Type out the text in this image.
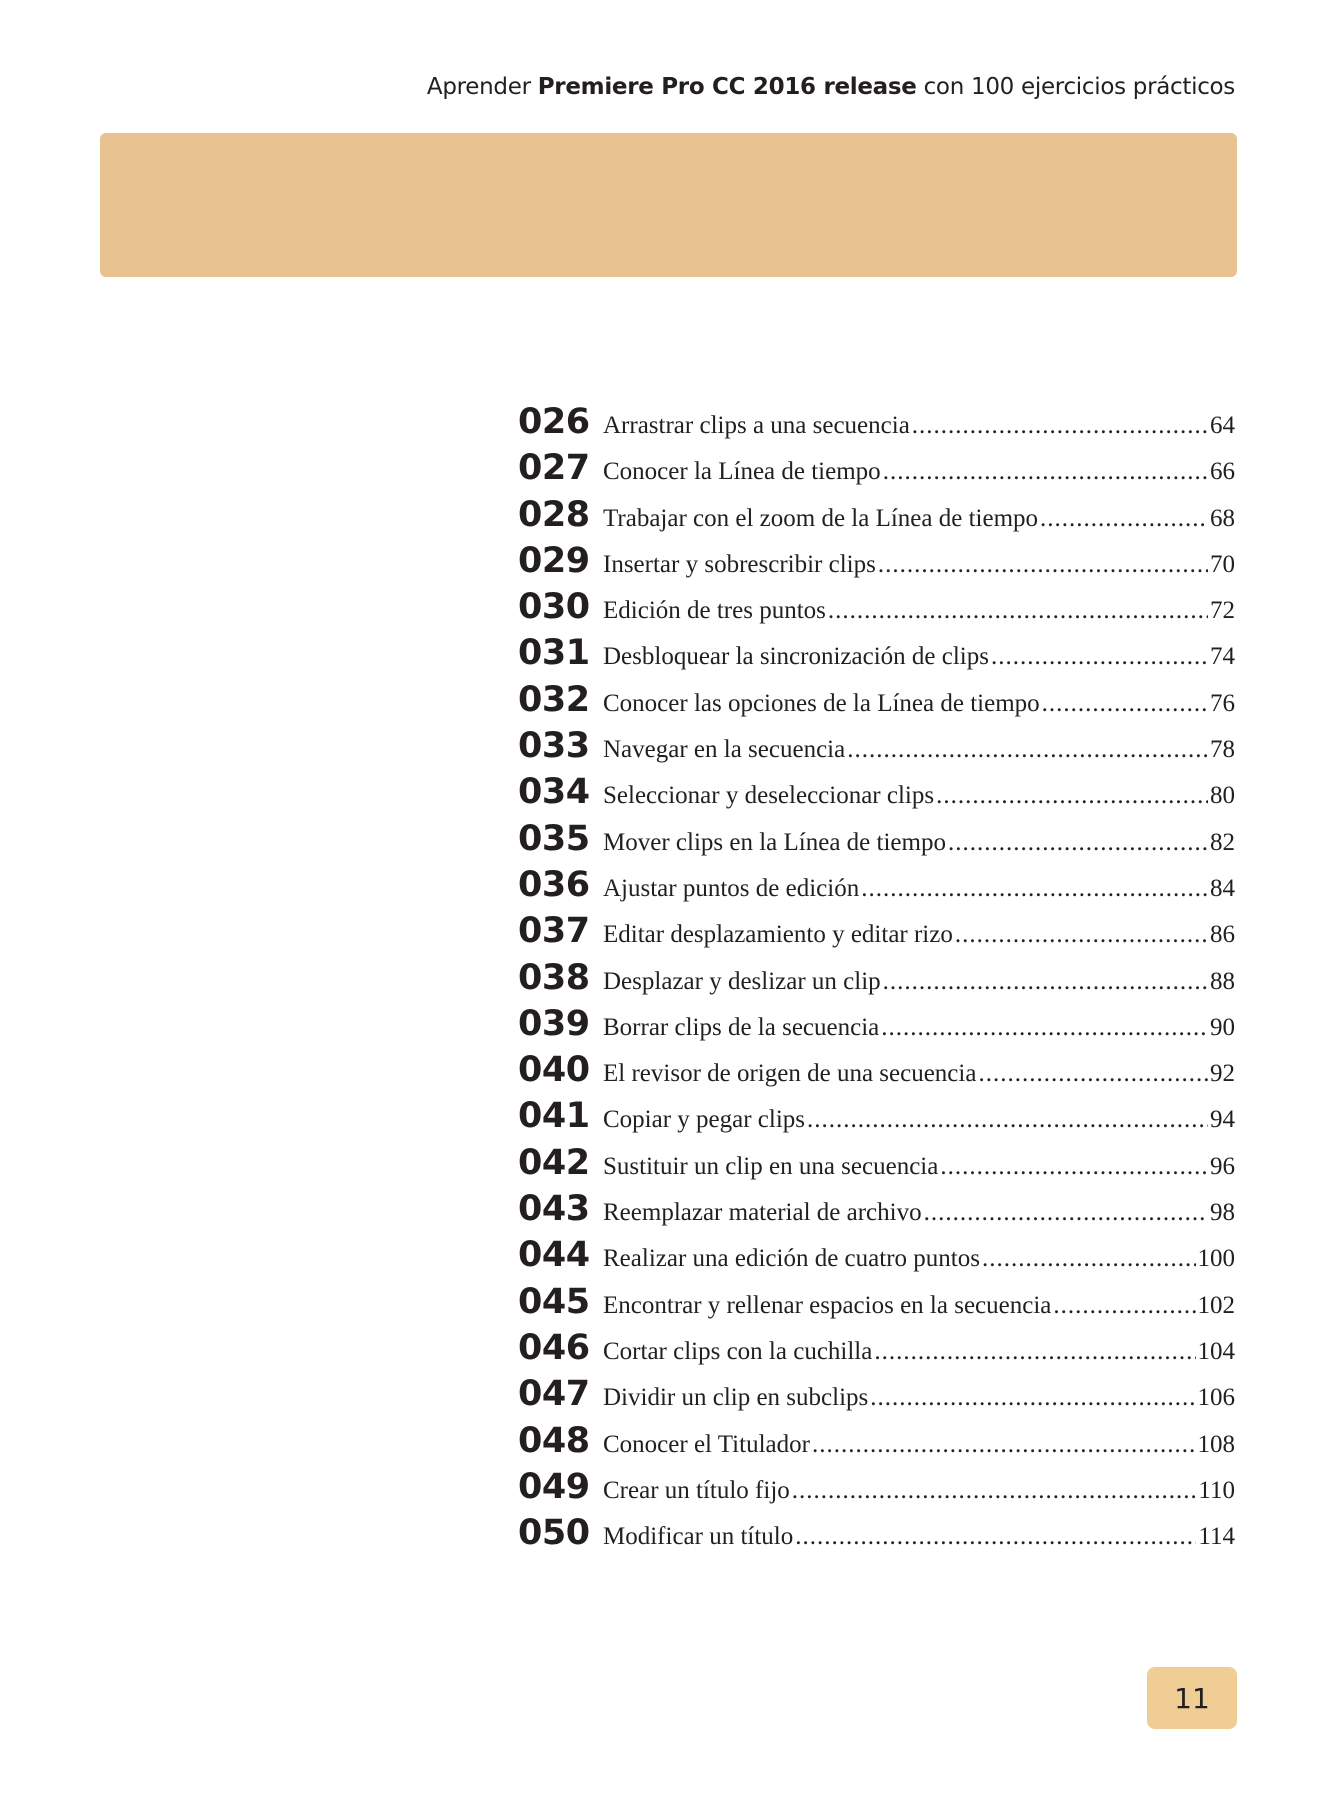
Aprender Premiere Pro CC 2016 release con 100 ejercicios prácticos
026 Arrastrar clips a una secuencia .....	64
027 Conocer la Línea de tiempo .....	66
028 Trabajar con el zoom de la Línea de tiempo .....	68
029 Insertar y sobrescribir clips .....	70
030 Edición de tres puntos .....	72
031 Desbloquear la sincronización de clips .....	74
032 Conocer las opciones de la Línea de tiempo .....	76
033 Navegar en la secuencia .....	78
034 Seleccionar y deseleccionar clips .....	80
035 Mover clips en la Línea de tiempo .....	82
036 Ajustar puntos de edición .....	84
037 Editar desplazamiento y editar rizo .....	86
038 Desplazar y deslizar un clip .....	88
039 Borrar clips de la secuencia .....	90
040 El revisor de origen de una secuencia .....	92
041 Copiar y pegar clips .....	94
042 Sustituir un clip en una secuencia .....	96
043 Reemplazar material de archivo .....	98
044 Realizar una edición de cuatro puntos .....	100
045 Encontrar y rellenar espacios en la secuencia .....	102
046 Cortar clips con la cuchilla .....	104
047 Dividir un clip en subclips .....	106
048 Conocer el Titulador .....	108
049 Crear un título fijo .....	110
050 Modificar un título .....	114
11
